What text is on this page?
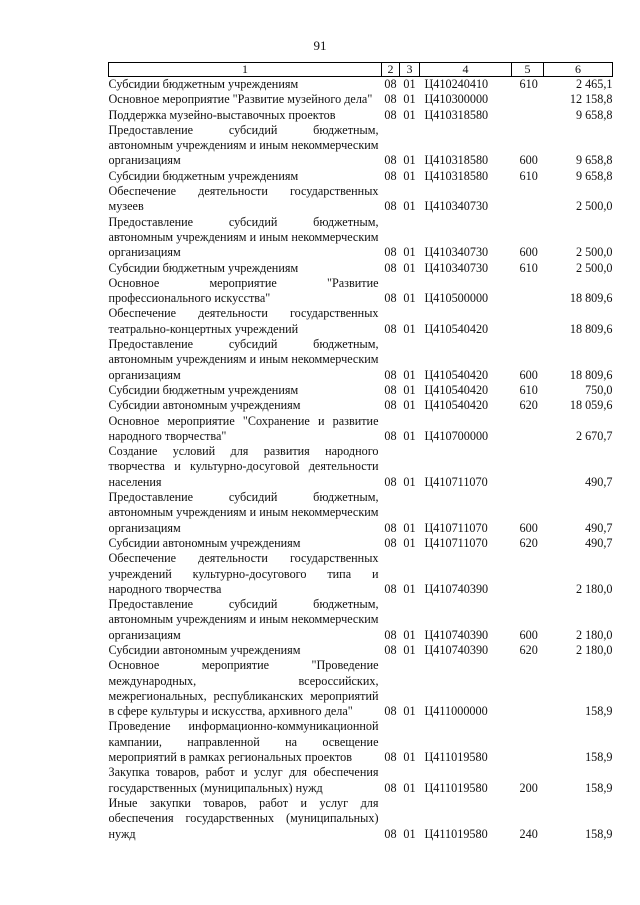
91
1	2	3	4	5	6
Субсидии бюджетным учреждениям	08	01	Ц410240410	610	2 465,1
Основное мероприятие "Развитие музейного дела"	08	01	Ц410300000		12 158,8
Поддержка музейно-выставочных проектов	08	01	Ц410318580		9 658,8
Предоставление субсидий бюджетным, автономным учреждениям и иным некоммерческим организациям	08	01	Ц410318580	600	9 658,8
Субсидии бюджетным учреждениям	08	01	Ц410318580	610	9 658,8
Обеспечение деятельности государственных музеев	08	01	Ц410340730		2 500,0
Предоставление субсидий бюджетным, автономным учреждениям и иным некоммерческим организациям	08	01	Ц410340730	600	2 500,0
Субсидии бюджетным учреждениям	08	01	Ц410340730	610	2 500,0
Основное мероприятие "Развитие профессионального искусства"	08	01	Ц410500000		18 809,6
Обеспечение деятельности государственных театрально-концертных учреждений	08	01	Ц410540420		18 809,6
Предоставление субсидий бюджетным, автономным учреждениям и иным некоммерческим организациям	08	01	Ц410540420	600	18 809,6
Субсидии бюджетным учреждениям	08	01	Ц410540420	610	750,0
Субсидии автономным учреждениям	08	01	Ц410540420	620	18 059,6
Основное мероприятие "Сохранение и развитие народного творчества"	08	01	Ц410700000		2 670,7
Создание условий для развития народного творчества и культурно-досуговой деятельности населения	08	01	Ц410711070		490,7
Предоставление субсидий бюджетным, автономным учреждениям и иным некоммерческим организациям	08	01	Ц410711070	600	490,7
Субсидии автономным учреждениям	08	01	Ц410711070	620	490,7
Обеспечение деятельности государственных учреждений культурно-досугового типа и народного творчества	08	01	Ц410740390		2 180,0
Предоставление субсидий бюджетным, автономным учреждениям и иным некоммерческим организациям	08	01	Ц410740390	600	2 180,0
Субсидии автономным учреждениям	08	01	Ц410740390	620	2 180,0
Основное мероприятие "Проведение международных, всероссийских, межрегиональных, республиканских мероприятий в сфере культуры и искусства, архивного дела"	08	01	Ц411000000		158,9
Проведение информационно-коммуникационной кампании, направленной на освещение мероприятий в рамках региональных проектов	08	01	Ц411019580		158,9
Закупка товаров, работ и услуг для обеспечения государственных (муниципальных) нужд	08	01	Ц411019580	200	158,9
Иные закупки товаров, работ и услуг для обеспечения государственных (муниципальных) нужд	08	01	Ц411019580	240	158,9
